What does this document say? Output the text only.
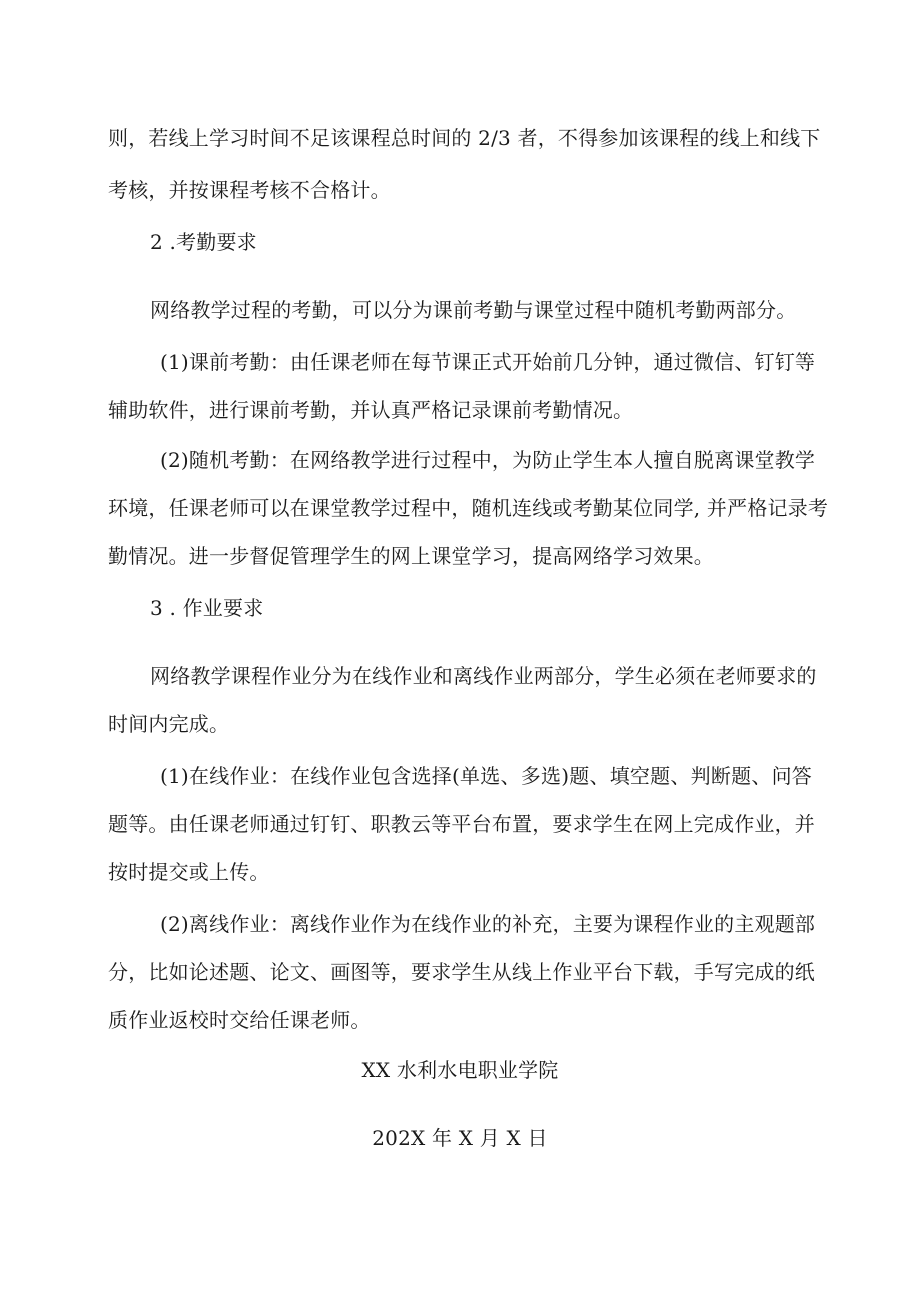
则，若线上学习时间不足该课程总时间的 2/3 者，不得参加该课程的线上和线下
考核，并按课程考核不合格计。
2 .考勤要求
网络教学过程的考勤，可以分为课前考勤与课堂过程中随机考勤两部分。
(1)课前考勤：由任课老师在每节课正式开始前几分钟，通过微信、钉钉等
辅助软件，进行课前考勤，并认真严格记录课前考勤情况。
(2)随机考勤：在网络教学进行过程中，为防止学生本人擅自脱离课堂教学
环境，任课老师可以在课堂教学过程中，随机连线或考勤某位同学, 并严格记录考
勤情况。进一步督促管理学生的网上课堂学习，提高网络学习效果。
3 . 作业要求
网络教学课程作业分为在线作业和离线作业两部分，学生必须在老师要求的
时间内完成。
(1)在线作业：在线作业包含选择(单选、多选)题、填空题、判断题、问答
题等。由任课老师通过钉钉、职教云等平台布置，要求学生在网上完成作业，并
按时提交或上传。
(2)离线作业：离线作业作为在线作业的补充，主要为课程作业的主观题部
分，比如论述题、论文、画图等，要求学生从线上作业平台下载，手写完成的纸
质作业返校时交给任课老师。
XX 水利水电职业学院
202X 年 X 月 X 日
